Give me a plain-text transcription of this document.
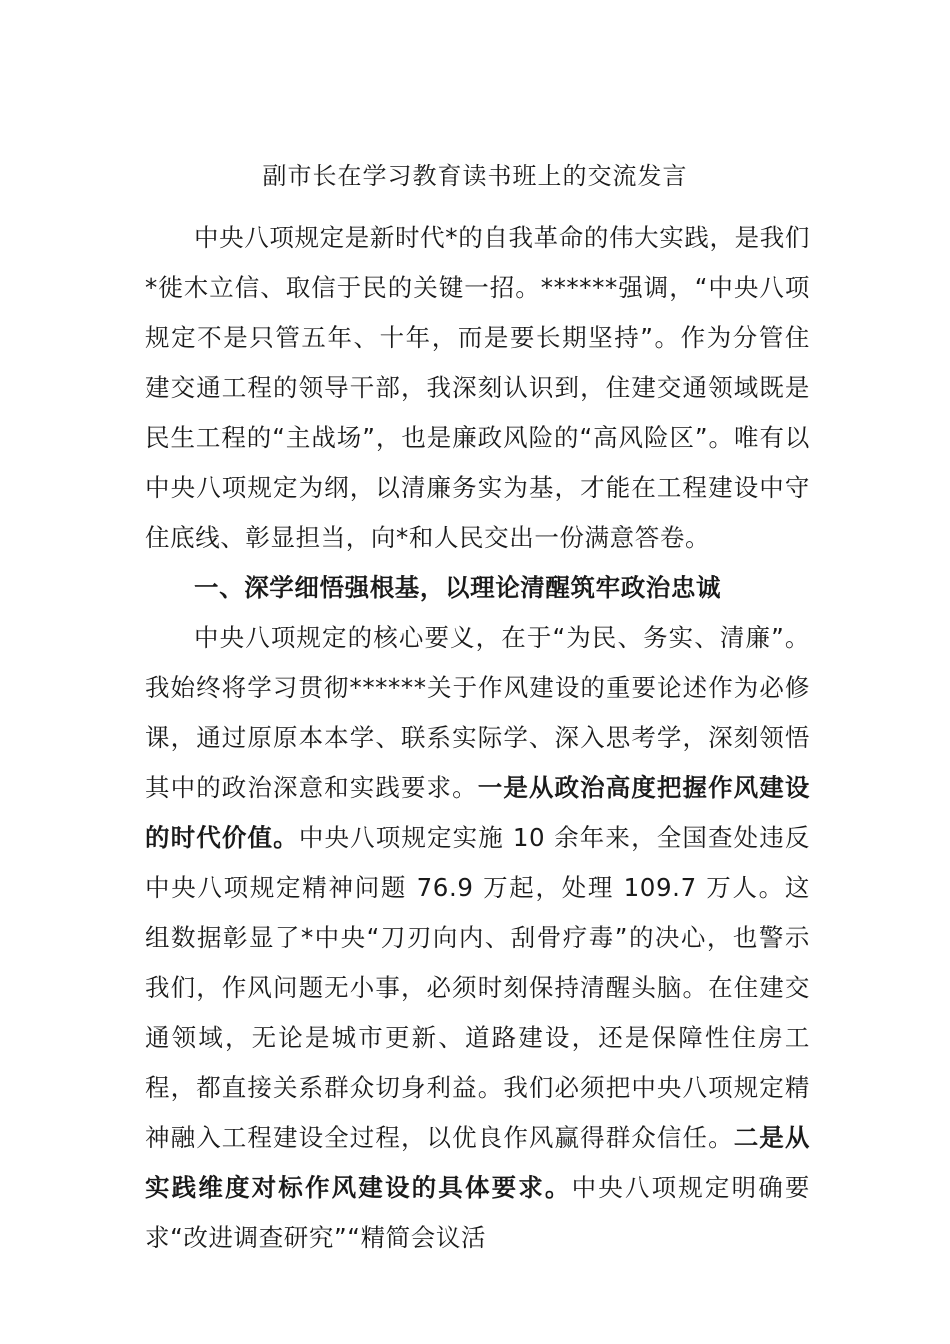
副市长在学习教育读书班上的交流发言

中央八项规定是新时代*的自我革命的伟大实践，是我们*徙木立信、取信于民的关键一招。******强调，“中央八项规定不是只管五年、十年，而是要长期坚持”。作为分管住建交通工程的领导干部，我深刻认识到，住建交通领域既是民生工程的“主战场”，也是廉政风险的“高风险区”。唯有以中央八项规定为纲，以清廉务实为基，才能在工程建设中守住底线、彰显担当，向*和人民交出一份满意答卷。

一、深学细悟强根基，以理论清醒筑牢政治忠诚

中央八项规定的核心要义，在于“为民、务实、清廉”。我始终将学习贯彻******关于作风建设的重要论述作为必修课，通过原原本本学、联系实际学、深入思考学，深刻领悟其中的政治深意和实践要求。一是从政治高度把握作风建设的时代价值。中央八项规定实施 10 余年来，全国查处违反中央八项规定精神问题 76.9 万起，处理 109.7 万人。这组数据彰显了*中央“刀刃向内、刮骨疗毒”的决心，也警示我们，作风问题无小事，必须时刻保持清醒头脑。在住建交通领域，无论是城市更新、道路建设，还是保障性住房工程，都直接关系群众切身利益。我们必须把中央八项规定精神融入工程建设全过程，以优良作风赢得群众信任。二是从实践维度对标作风建设的具体要求。中央八项规定明确要求“改进调查研究”“精简会议活
